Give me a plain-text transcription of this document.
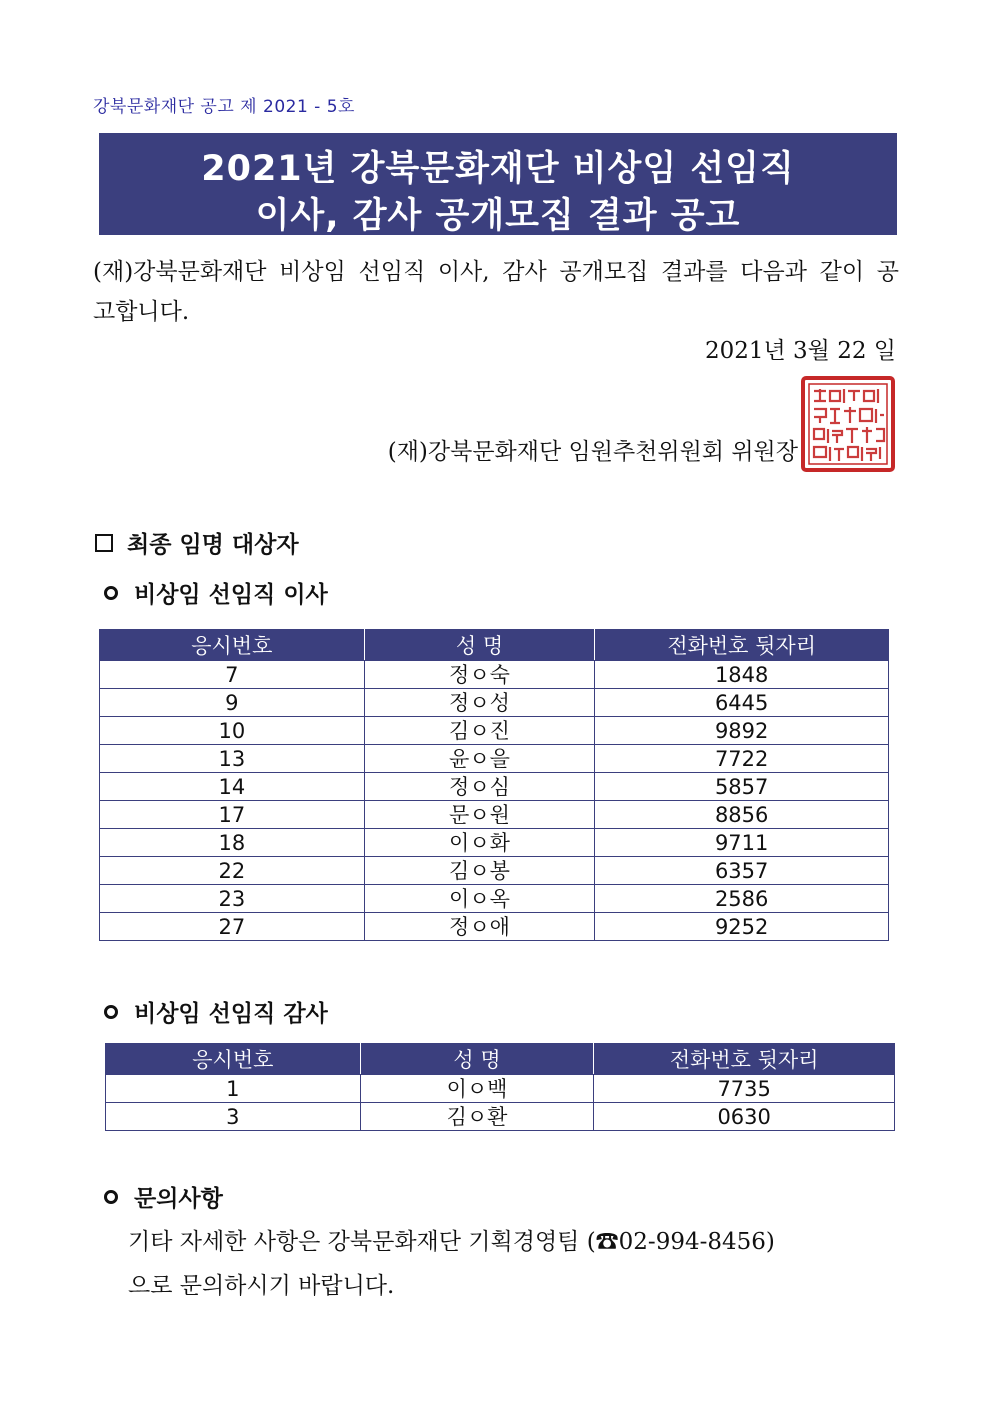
강북문화재단 공고 제 2021 - 5호
2021년 강북문화재단 비상임 선임직
이사, 감사 공개모집 결과 공고
(재)강북문화재단 비상임 선임직 이사, 감사 공개모집 결과를 다음과 같이 공고합니다.
2021년 3월 22 일
(재)강북문화재단 임원추천위원회 위원장
최종 임명 대상자
비상임 선임직 이사
응시번호	성 명	전화번호 뒷자리
7	정ㅇ숙	1848
9	정ㅇ성	6445
10	김ㅇ진	9892
13	윤ㅇ을	7722
14	정ㅇ심	5857
17	문ㅇ원	8856
18	이ㅇ화	9711
22	김ㅇ봉	6357
23	이ㅇ옥	2586
27	정ㅇ애	9252
비상임 선임직 감사
응시번호	성 명	전화번호 뒷자리
1	이ㅇ백	7735
3	김ㅇ환	0630
문의사항
기타 자세한 사항은 강북문화재단 기획경영팀 (☎02-994-8456)
으로 문의하시기 바랍니다.
